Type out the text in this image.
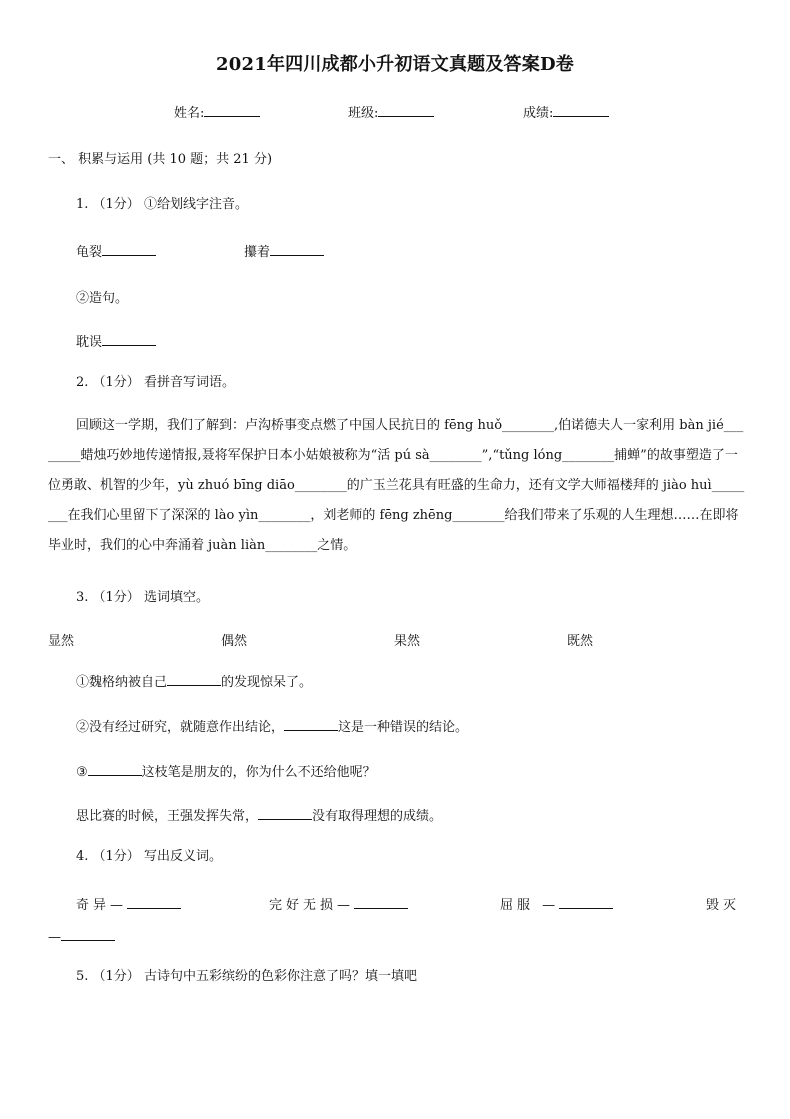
2021年四川成都小升初语文真题及答案D卷
姓名:	班级:	成绩:
一、 积累与运用 (共 10 题；共 21 分)
1. （1分） ①给划线字注音。
龟裂	攥着
②造句。
耽误
2. （1分） 看拼音写词语。
回顾这一学期，我们了解到：卢沟桥事变点燃了中国人民抗日的 fēng huǒ________,伯诺德夫人一家利用 bàn jié________蜡烛巧妙地传递情报,聂将军保护日本小姑娘被称为“活 pú sà________”,“tǔng lóng________捕蝉”的故事塑造了一位勇敢、机智的少年，yù zhuó bīng diāo________的广玉兰花具有旺盛的生命力，还有文学大师福楼拜的 jiào huì________在我们心里留下了深深的 lào yìn________，刘老师的 fēng zhēng________给我们带来了乐观的人生理想……在即将毕业时，我们的心中奔涌着 juàn liàn________之情。
3. （1分） 选词填空。
显然	偶然	果然	既然
①魏格纳被自己	的发现惊呆了。
②没有经过研究，就随意作出结论，	这是一种错误的结论。
③	这枝笔是朋友的，你为什么不还给他呢？
思比赛的时候，王强发挥失常，	没有取得理想的成绩。
4. （1分） 写出反义词。
奇异—	完好无损—	屈服 —	毁灭
—
5. （1分） 古诗句中五彩缤纷的色彩你注意了吗？填一填吧
